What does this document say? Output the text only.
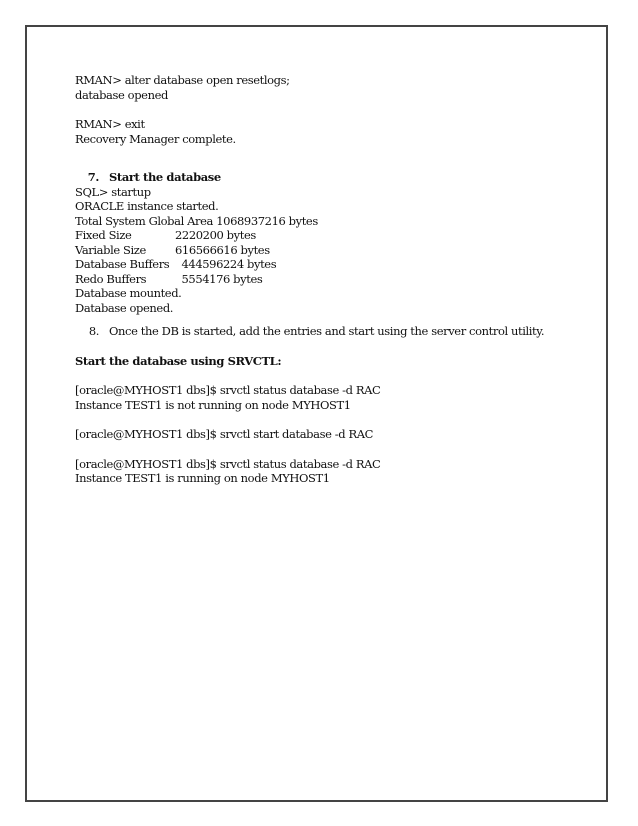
RMAN> alter database open resetlogs;
database opened
RMAN> exit
Recovery Manager complete.
7. Start the database
SQL> startup
ORACLE instance started.
Total System Global Area 1068937216 bytes
Fixed Size	2220200 bytes
Variable Size	616566616 bytes
Database Buffers 444596224 bytes
Redo Buffers	5554176 bytes
Database mounted.
Database opened.
8. Once the DB is started, add the entries and start using the server control utility.
Start the database using SRVCTL:
[oracle@MYHOST1 dbs]$ srvctl status database -d RAC
Instance TEST1 is not running on node MYHOST1
[oracle@MYHOST1 dbs]$ srvctl start database -d RAC
[oracle@MYHOST1 dbs]$ srvctl status database -d RAC
Instance TEST1 is running on node MYHOST1
